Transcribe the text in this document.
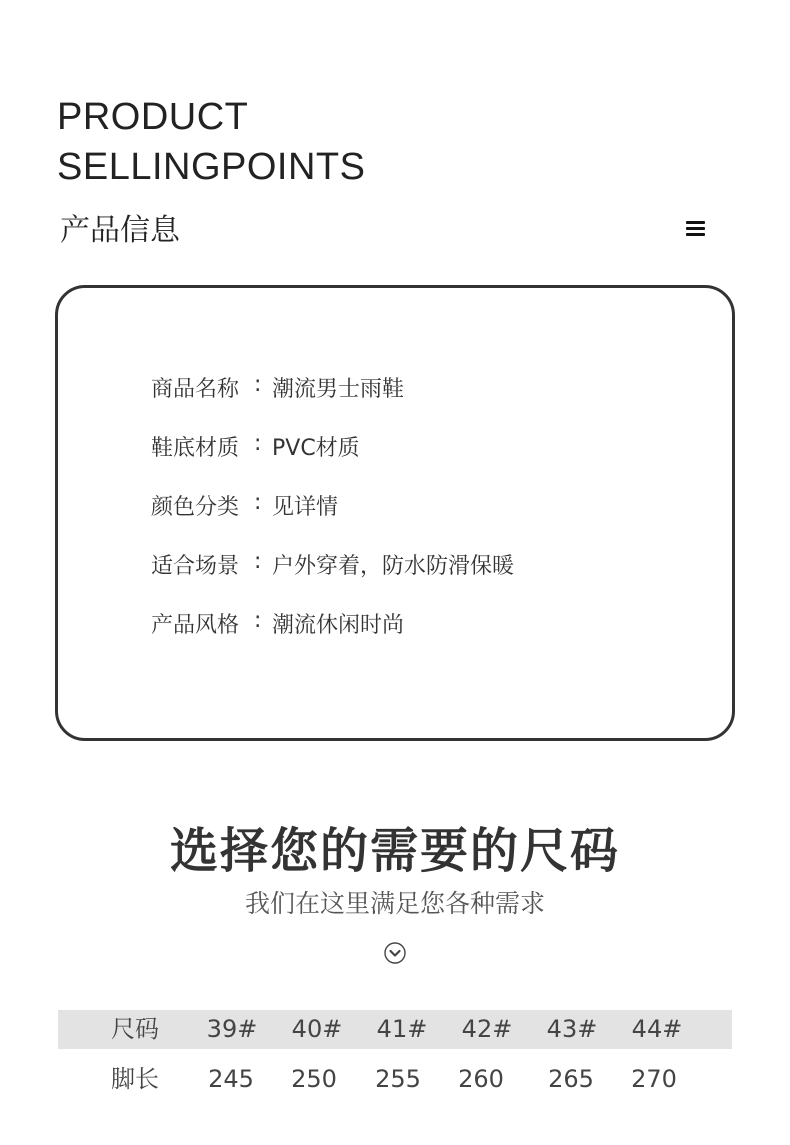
PRODUCT
SELLINGPOINTS
产品信息
商品名称 : 潮流男士雨鞋
鞋底材质 : PVC材质
颜色分类 : 见详情
适合场景 : 户外穿着，防水防滑保暖
产品风格 : 潮流休闲时尚
选择您的需要的尺码
我们在这里满足您各种需求
尺码 39# 40# 41# 42# 43# 44#
脚长 245 250 255 260 265 270
